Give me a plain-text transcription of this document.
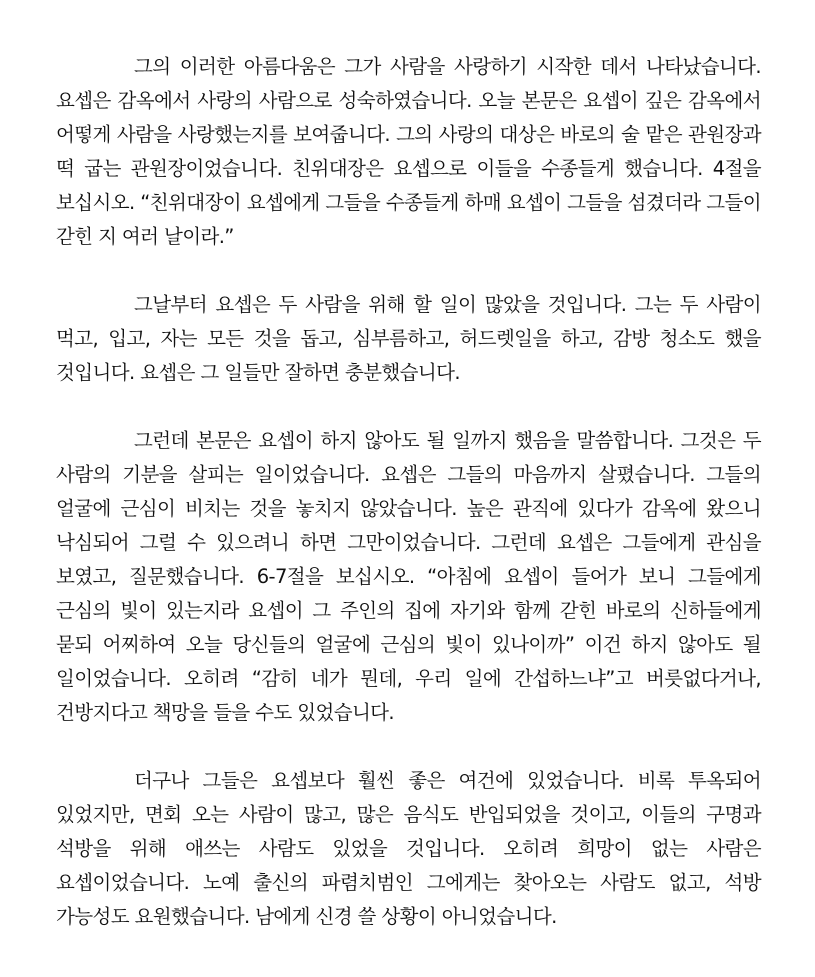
그의 이러한 아름다움은 그가 사람을 사랑하기 시작한 데서 나타났습니다. 요셉은 감옥에서 사랑의 사람으로 성숙하였습니다. 오늘 본문은 요셉이 깊은 감옥에서 어떻게 사람을 사랑했는지를 보여줍니다. 그의 사랑의 대상은 바로의 술 맡은 관원장과 떡 굽는 관원장이었습니다. 친위대장은 요셉으로 이들을 수종들게 했습니다. 4절을 보십시오. “친위대장이 요셉에게 그들을 수종들게 하매 요셉이 그들을 섬겼더라 그들이 갇힌 지 여러 날이라.”

그날부터 요셉은 두 사람을 위해 할 일이 많았을 것입니다. 그는 두 사람이 먹고, 입고, 자는 모든 것을 돕고, 심부름하고, 허드렛일을 하고, 감방 청소도 했을 것입니다. 요셉은 그 일들만 잘하면 충분했습니다.

그런데 본문은 요셉이 하지 않아도 될 일까지 했음을 말씀합니다. 그것은 두 사람의 기분을 살피는 일이었습니다. 요셉은 그들의 마음까지 살폈습니다. 그들의 얼굴에 근심이 비치는 것을 놓치지 않았습니다. 높은 관직에 있다가 감옥에 왔으니 낙심되어 그럴 수 있으려니 하면 그만이었습니다. 그런데 요셉은 그들에게 관심을 보였고, 질문했습니다. 6-7절을 보십시오. “아침에 요셉이 들어가 보니 그들에게 근심의 빛이 있는지라 요셉이 그 주인의 집에 자기와 함께 갇힌 바로의 신하들에게 묻되 어찌하여 오늘 당신들의 얼굴에 근심의 빛이 있나이까” 이건 하지 않아도 될 일이었습니다. 오히려 “감히 네가 뭔데, 우리 일에 간섭하느냐”고 버릇없다거나, 건방지다고 책망을 들을 수도 있었습니다.

더구나 그들은 요셉보다 훨씬 좋은 여건에 있었습니다. 비록 투옥되어 있었지만, 면회 오는 사람이 많고, 많은 음식도 반입되었을 것이고, 이들의 구명과 석방을 위해 애쓰는 사람도 있었을 것입니다. 오히려 희망이 없는 사람은 요셉이었습니다. 노예 출신의 파렴치범인 그에게는 찾아오는 사람도 없고, 석방 가능성도 요원했습니다. 남에게 신경 쓸 상황이 아니었습니다.
